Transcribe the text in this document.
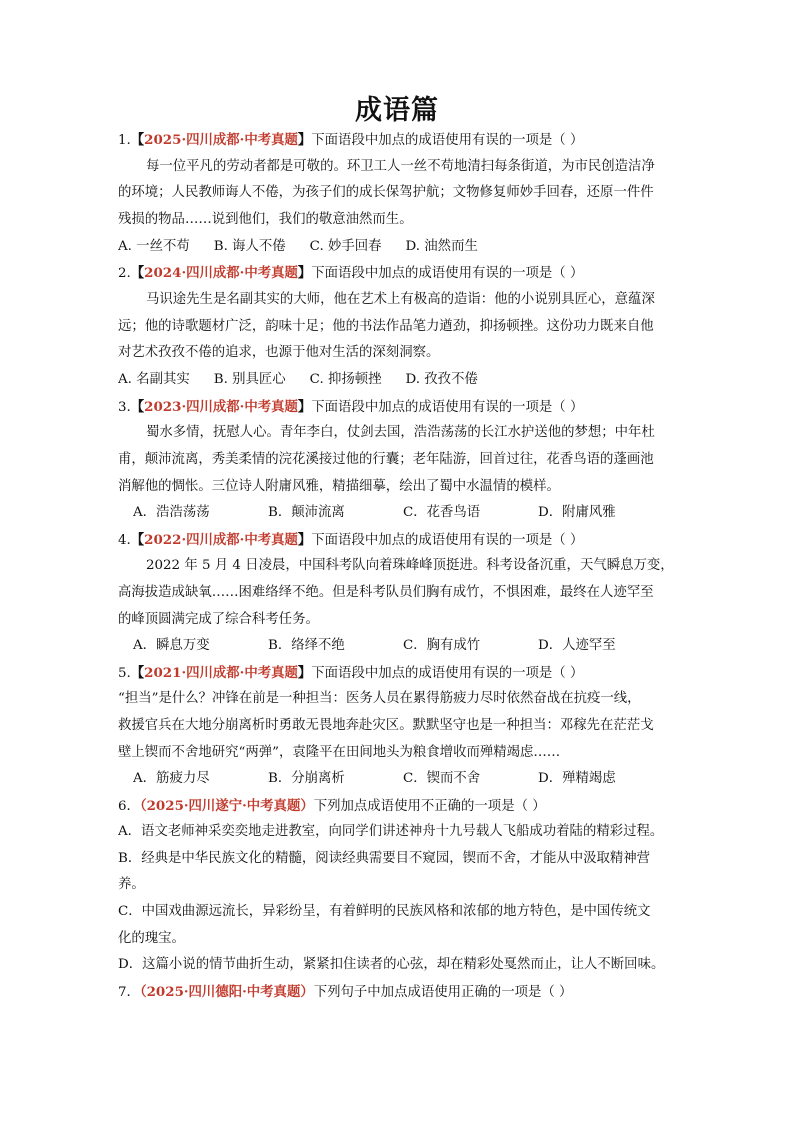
成语篇
1.【2025·四川成都·中考真题】下面语段中加点的成语使用有误的一项是（ ）
每一位平凡的劳动者都是可敬的。环卫工人一丝不苟地清扫每条街道，为市民创造洁净
的环境；人民教师诲人不倦，为孩子们的成长保驾护航；文物修复师妙手回春，还原一件件
残损的物品……说到他们，我们的敬意油然而生。
A. 一丝不苟 B. 诲人不倦 C. 妙手回春 D. 油然而生
2.【2024·四川成都·中考真题】下面语段中加点的成语使用有误的一项是（ ）
马识途先生是名副其实的大师，他在艺术上有极高的造诣：他的小说别具匠心，意蕴深
远；他的诗歌题材广泛，韵味十足；他的书法作品笔力遒劲，抑扬顿挫。这份功力既来自他
对艺术孜孜不倦的追求，也源于他对生活的深刻洞察。
A. 名副其实 B. 别具匠心 C. 抑扬顿挫 D. 孜孜不倦
3.【2023·四川成都·中考真题】下面语段中加点的成语使用有误的一项是（ ）
蜀水多情，抚慰人心。青年李白，仗剑去国，浩浩荡荡的长江水护送他的梦想；中年杜
甫，颠沛流离，秀美柔情的浣花溪接过他的行囊；老年陆游，回首过往，花香鸟语的蓬画池
消解他的惆怅。三位诗人附庸风雅，精描细摹，绘出了蜀中水温情的模样。
A．浩浩荡荡	B．颠沛流离	C．花香鸟语	D．附庸风雅
4.【2022·四川成都·中考真题】下面语段中加点的成语使用有误的一项是（ ）
2022 年 5 月 4 日凌晨，中国科考队向着珠峰峰顶挺进。科考设备沉重，天气瞬息万变，
高海拔造成缺氧……困难络绎不绝。但是科考队员们胸有成竹，不惧困难，最终在人迹罕至
的峰顶圆满完成了综合科考任务。
A．瞬息万变	B．络绎不绝	C．胸有成竹	D．人迹罕至
5.【2021·四川成都·中考真题】下面语段中加点的成语使用有误的一项是（ ）
“担当”是什么？冲锋在前是一种担当：医务人员在累得筋疲力尽时依然奋战在抗疫一线，
救援官兵在大地分崩离析时勇敢无畏地奔赴灾区。默默坚守也是一种担当：邓稼先在茫茫戈
壁上锲而不舍地研究“两弹”，袁隆平在田间地头为粮食增收而殚精竭虑……
A．筋疲力尽	B．分崩离析	C．锲而不舍	D．殚精竭虑
6．（2025·四川遂宁·中考真题）下列加点成语使用不正确的一项是（ ）
A．语文老师神采奕奕地走进教室，向同学们讲述神舟十九号载人飞船成功着陆的精彩过程。
B．经典是中华民族文化的精髓，阅读经典需要目不窥园，锲而不舍，才能从中汲取精神营
养。
C．中国戏曲源远流长，异彩纷呈，有着鲜明的民族风格和浓郁的地方特色，是中国传统文
化的瑰宝。
D．这篇小说的情节曲折生动，紧紧扣住读者的心弦，却在精彩处戛然而止，让人不断回味。
7．（2025·四川德阳·中考真题）下列句子中加点成语使用正确的一项是（ ）
